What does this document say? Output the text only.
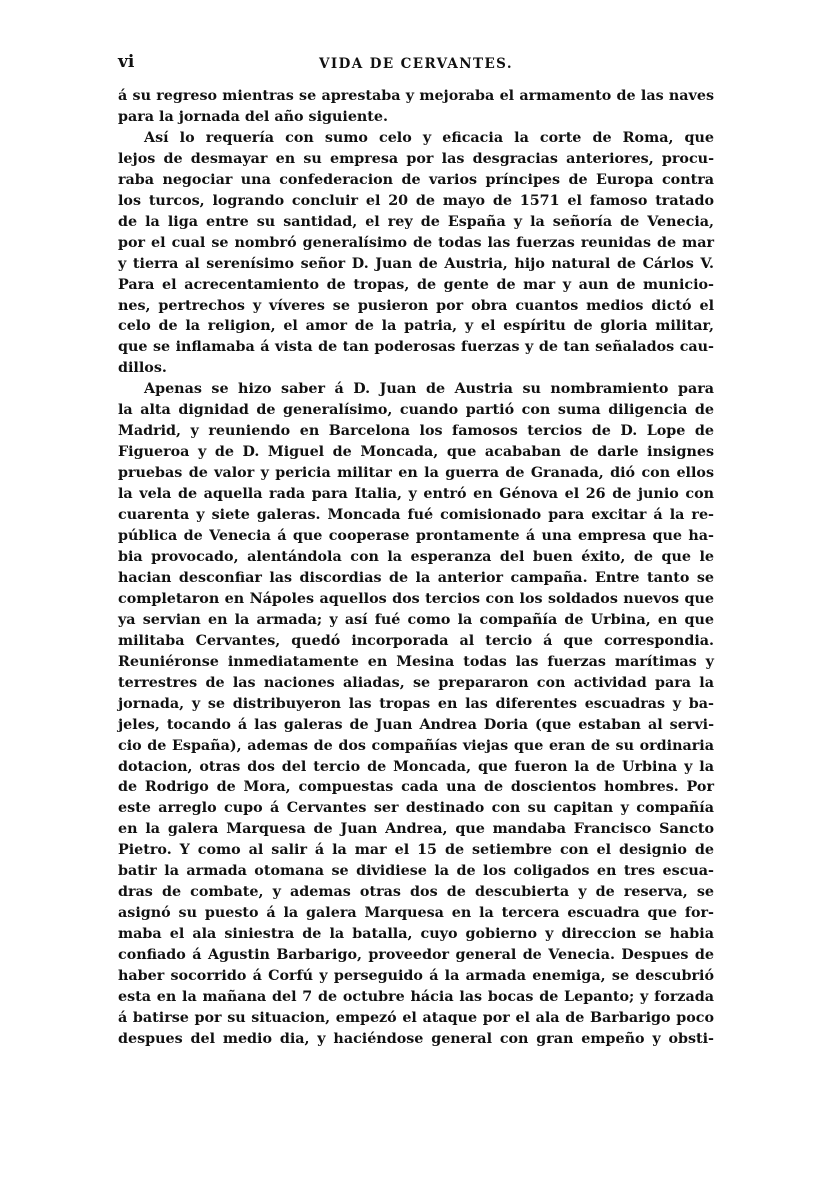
vi	VIDA DE CERVANTES.

á su regreso mientras se aprestaba y mejoraba el armamento de las naves
para la jornada del año siguiente.

Así lo requería con sumo celo y eficacia la corte de Roma, que
lejos de desmayar en su empresa por las desgracias anteriores, procu-
raba negociar una confederacion de varios príncipes de Europa contra
los turcos, logrando concluir el 20 de mayo de 1571 el famoso tratado
de la liga entre su santidad, el rey de España y la señoría de Venecia,
por el cual se nombró generalísimo de todas las fuerzas reunidas de mar
y tierra al serenísimo señor D. Juan de Austria, hijo natural de Cárlos V.
Para el acrecentamiento de tropas, de gente de mar y aun de municio-
nes, pertrechos y víveres se pusieron por obra cuantos medios dictó el
celo de la religion, el amor de la patria, y el espíritu de gloria militar,
que se inflamaba á vista de tan poderosas fuerzas y de tan señalados cau-
dillos.

Apenas se hizo saber á D. Juan de Austria su nombramiento para
la alta dignidad de generalísimo, cuando partió con suma diligencia de
Madrid, y reuniendo en Barcelona los famosos tercios de D. Lope de
Figueroa y de D. Miguel de Moncada, que acababan de darle insignes
pruebas de valor y pericia militar en la guerra de Granada, dió con ellos
la vela de aquella rada para Italia, y entró en Génova el 26 de junio con
cuarenta y siete galeras. Moncada fué comisionado para excitar á la re-
pública de Venecia á que cooperase prontamente á una empresa que ha-
bia provocado, alentándola con la esperanza del buen éxito, de que le
hacian desconfiar las discordias de la anterior campaña. Entre tanto se
completaron en Nápoles aquellos dos tercios con los soldados nuevos que
ya servian en la armada; y así fué como la compañía de Urbina, en que
militaba Cervantes, quedó incorporada al tercio á que correspondia.
Reuniéronse inmediatamente en Mesina todas las fuerzas marítimas y
terrestres de las naciones aliadas, se prepararon con actividad para la
jornada, y se distribuyeron las tropas en las diferentes escuadras y ba-
jeles, tocando á las galeras de Juan Andrea Doria (que estaban al servi-
cio de España), ademas de dos compañías viejas que eran de su ordinaria
dotacion, otras dos del tercio de Moncada, que fueron la de Urbina y la
de Rodrigo de Mora, compuestas cada una de doscientos hombres. Por
este arreglo cupo á Cervantes ser destinado con su capitan y compañía
en la galera Marquesa de Juan Andrea, que mandaba Francisco Sancto
Pietro. Y como al salir á la mar el 15 de setiembre con el designio de
batir la armada otomana se dividiese la de los coligados en tres escua-
dras de combate, y ademas otras dos de descubierta y de reserva, se
asignó su puesto á la galera Marquesa en la tercera escuadra que for-
maba el ala siniestra de la batalla, cuyo gobierno y direccion se habia
confiado á Agustin Barbarigo, proveedor general de Venecia. Despues de
haber socorrido á Corfú y perseguido á la armada enemiga, se descubrió
esta en la mañana del 7 de octubre hácia las bocas de Lepanto; y forzada
á batirse por su situacion, empezó el ataque por el ala de Barbarigo poco
despues del medio dia, y haciéndose general con gran empeño y obsti-
